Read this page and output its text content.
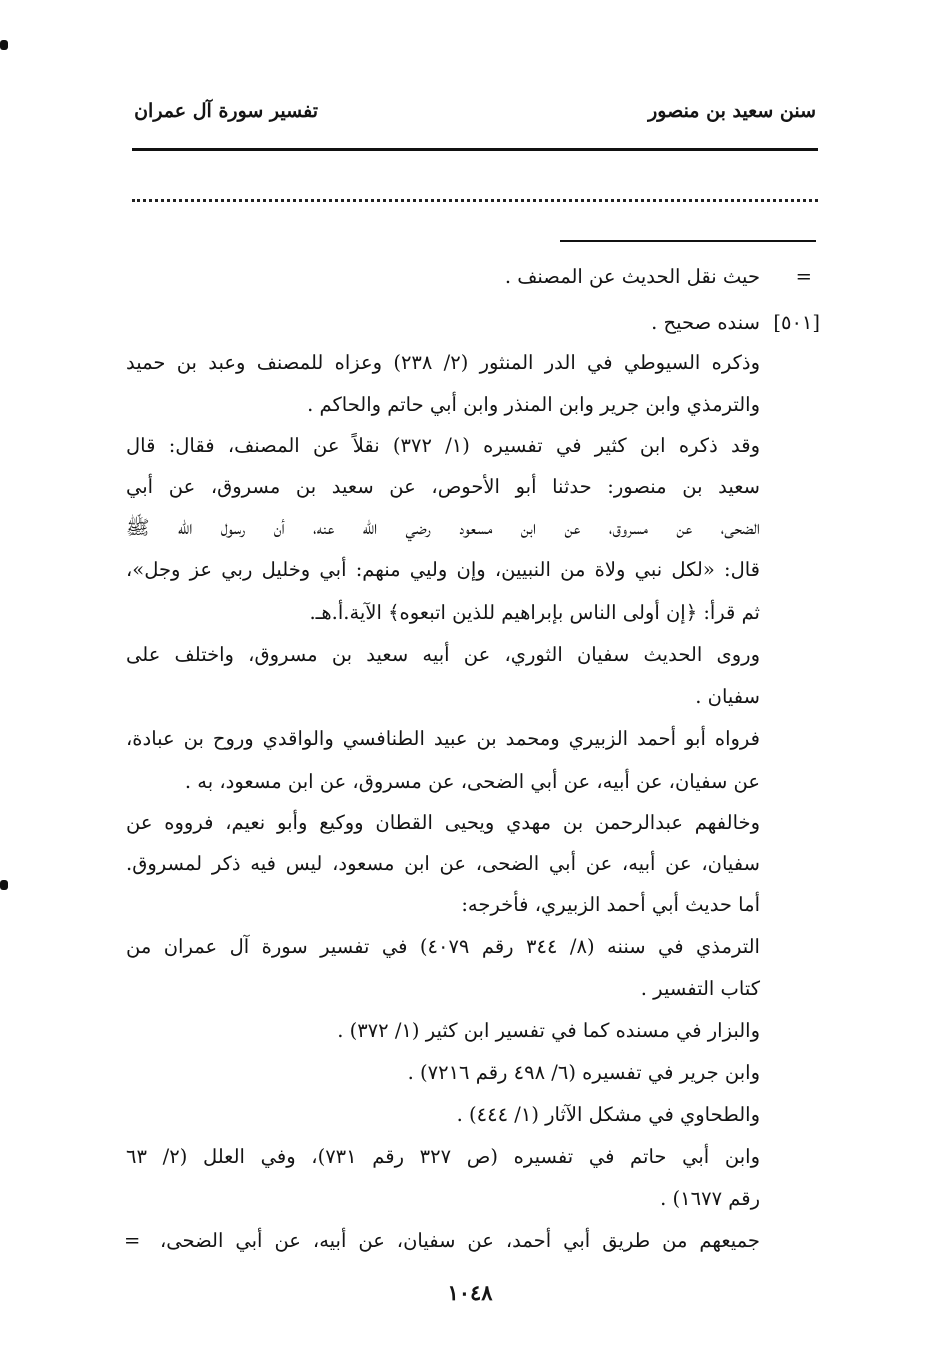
سنن سعيد بن منصور
تفسير سورة آل عمران
=
[٥٠١]
حيث نقل الحديث عن المصنف .
سنده صحيح .
وذكره السيوطي في الدر المنثور (٢/ ٢٣٨) وعزاه للمصنف وعبد بن حميد
والترمذي وابن جرير وابن المنذر وابن أبي حاتم والحاكم .
وقد ذكره ابن كثير في تفسيره (١/ ٣٧٢) نقلاً عن المصنف، فقال: قال
سعيد بن منصور: حدثنا أبو الأحوص، عن سعيد بن مسروق، عن أبي
الضحى، عن مسروق، عن ابن مسعود رضي الله عنه، أن رسول الله ﷺ
قال: «لكل نبي ولاة من النبيين، وإن وليي منهم: أبي وخليل ربي عز وجل»،
ثم قرأ: ﴿إن أولى الناس بإبراهيم للذين اتبعوه﴾ الآية.أ.هـ.
وروى الحديث سفيان الثوري، عن أبيه سعيد بن مسروق، واختلف على
سفيان .
فرواه أبو أحمد الزبيري ومحمد بن عبيد الطنافسي والواقدي وروح بن عبادة،
عن سفيان، عن أبيه، عن أبي الضحى، عن مسروق، عن ابن مسعود، به .
وخالفهم عبدالرحمن بن مهدي ويحيى القطان ووكيع وأبو نعيم، فرووه عن
سفيان، عن أبيه، عن أبي الضحى، عن ابن مسعود، ليس فيه ذكر لمسروق.
أما حديث أبي أحمد الزبيري، فأخرجه:
الترمذي في سننه (٨/ ٣٤٤ رقم ٤٠٧٩) في تفسير سورة آل عمران من
كتاب التفسير .
والبزار في مسنده كما في تفسير ابن كثير (١/ ٣٧٢) .
وابن جرير في تفسيره (٦/ ٤٩٨ رقم ٧٢١٦) .
والطحاوي في مشكل الآثار (١/ ٤٤٤) .
وابن أبي حاتم في تفسيره (ص ٣٢٧ رقم ٧٣١)، وفي العلل (٢/ ٦٣
رقم ١٦٧٧) .
جميعهم من طريق أبي أحمد، عن سفيان، عن أبيه، عن أبي الضحى،
=
١٠٤٨
